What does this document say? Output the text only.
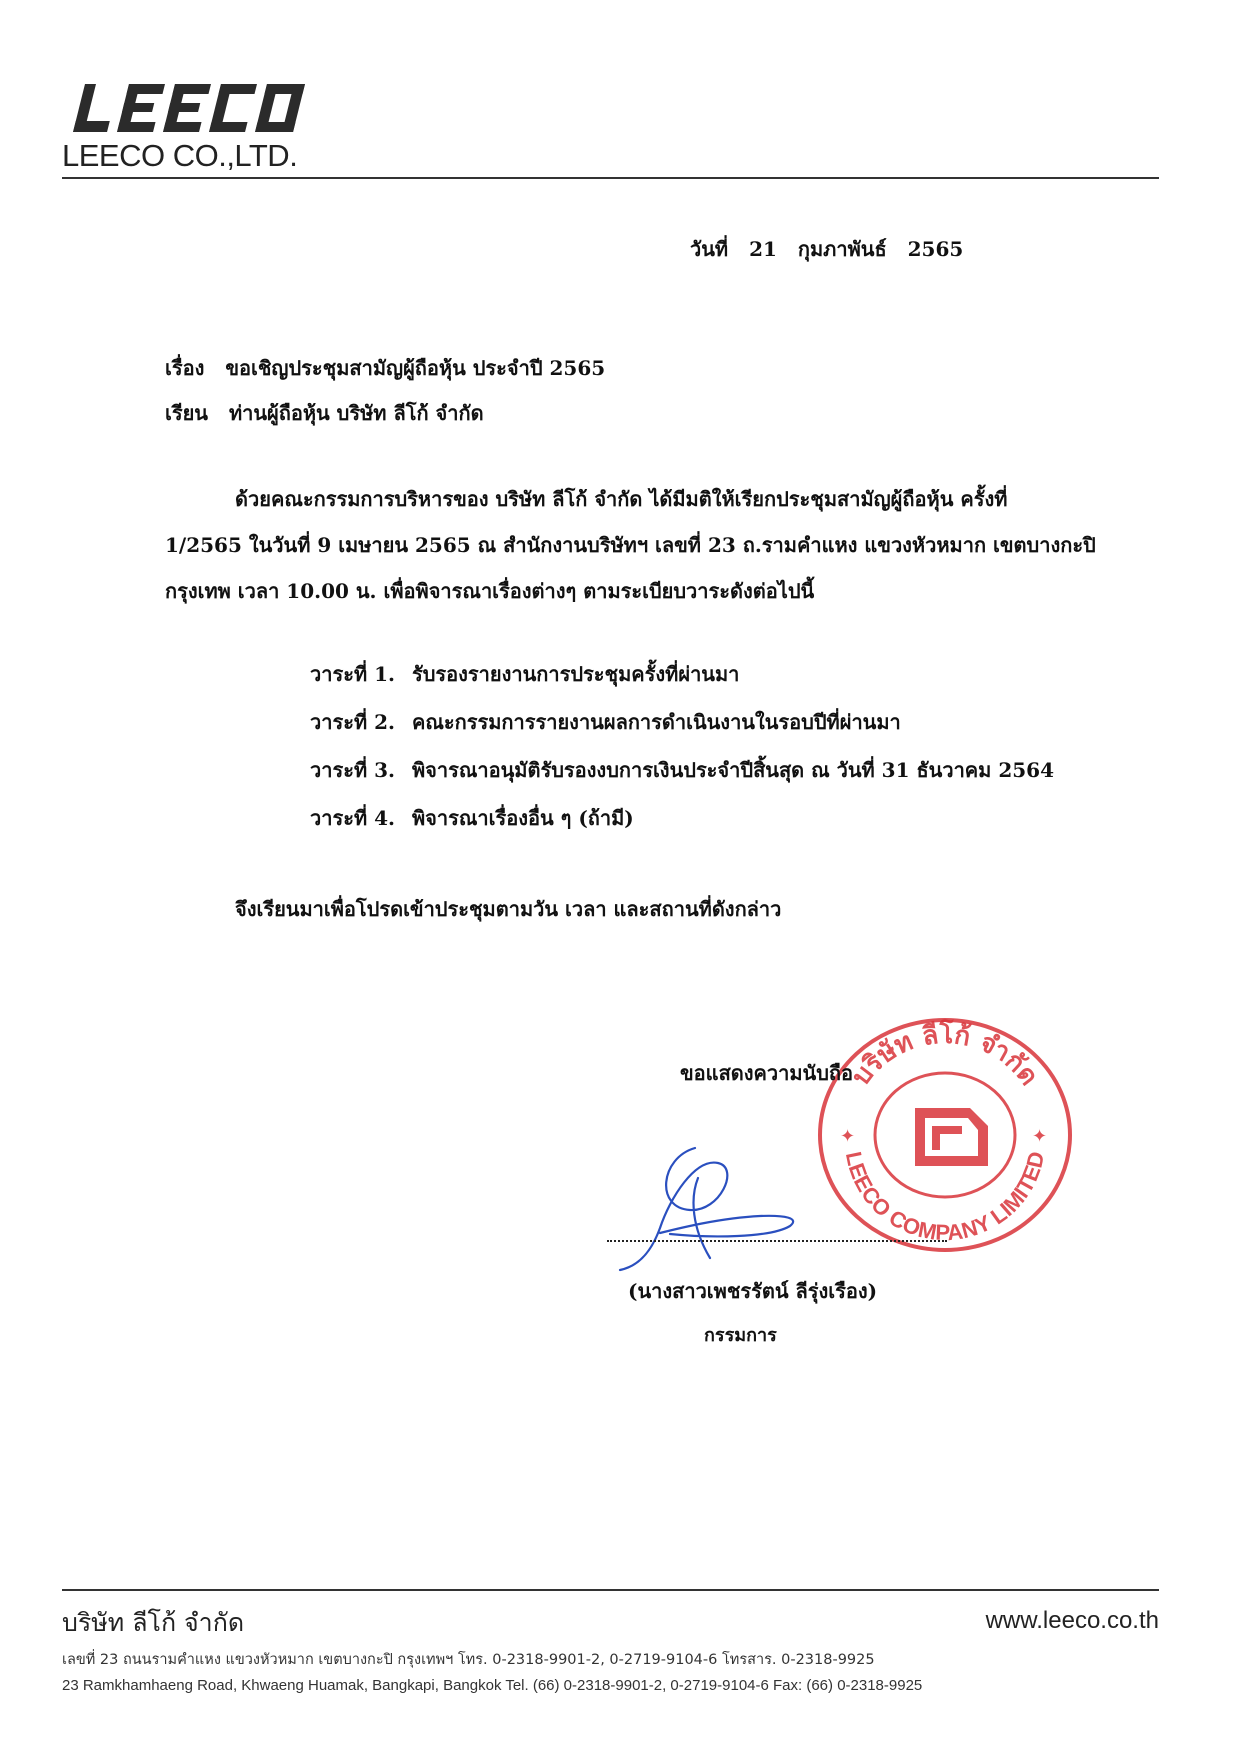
LEECO
LEECO CO.,LTD.
วันที่ 21 กุมภาพันธ์ 2565
เรื่อง ขอเชิญประชุมสามัญผู้ถือหุ้น ประจำปี 2565
เรียน ท่านผู้ถือหุ้น บริษัท ลีโก้ จำกัด
ด้วยคณะกรรมการบริหารของ บริษัท ลีโก้ จำกัด ได้มีมติให้เรียกประชุมสามัญผู้ถือหุ้น ครั้งที่
1/2565 ในวันที่ 9 เมษายน 2565 ณ สำนักงานบริษัทฯ เลขที่ 23 ถ.รามคำแหง แขวงหัวหมาก เขตบางกะปิ
กรุงเทพ เวลา 10.00 น. เพื่อพิจารณาเรื่องต่างๆ ตามระเบียบวาระดังต่อไปนี้
วาระที่ 1. รับรองรายงานการประชุมครั้งที่ผ่านมา
วาระที่ 2. คณะกรรมการรายงานผลการดำเนินงานในรอบปีที่ผ่านมา
วาระที่ 3. พิจารณาอนุมัติรับรองงบการเงินประจำปีสิ้นสุด ณ วันที่ 31 ธันวาคม 2564
วาระที่ 4. พิจารณาเรื่องอื่น ๆ (ถ้ามี)
จึงเรียนมาเพื่อโปรดเข้าประชุมตามวัน เวลา และสถานที่ดังกล่าว
บริษัท ลีโก้ จำกัด
LEECO COMPANY LIMITED
✦	✦
ขอแสดงความนับถือ
(นางสาวเพชรรัตน์ ลีรุ่งเรือง)
กรรมการ
บริษัท ลีโก้ จำกัด	www.leeco.co.th
เลขที่ 23 ถนนรามคำแหง แขวงหัวหมาก เขตบางกะปิ กรุงเทพฯ โทร. 0-2318-9901-2, 0-2719-9104-6 โทรสาร. 0-2318-9925
23 Ramkhamhaeng Road, Khwaeng Huamak, Bangkapi, Bangkok Tel. (66) 0-2318-9901-2, 0-2719-9104-6 Fax: (66) 0-2318-9925
